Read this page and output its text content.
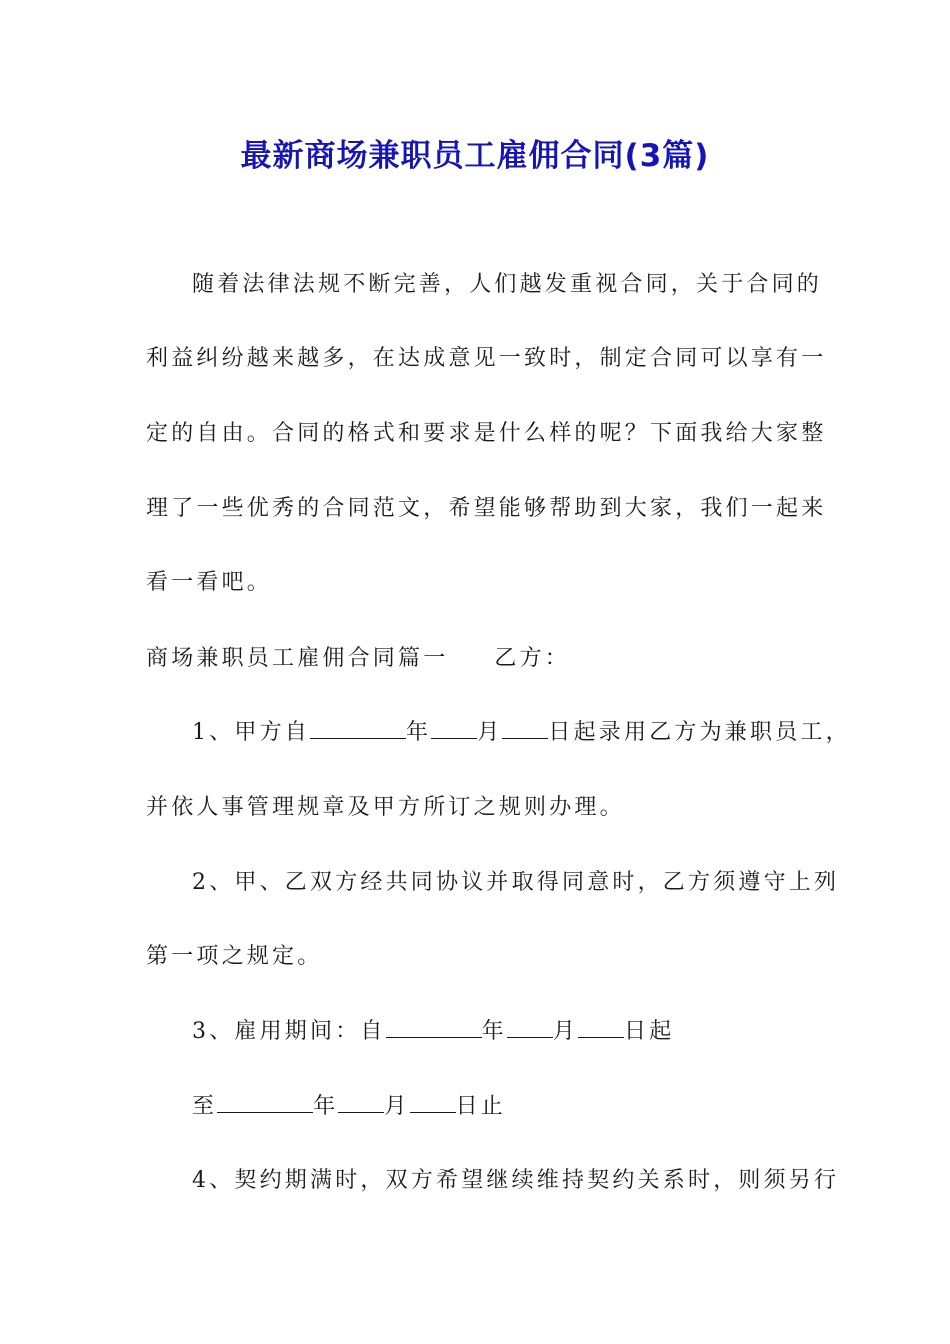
最新商场兼职员工雇佣合同(3篇)
随着法律法规不断完善，人们越发重视合同，关于合同的
利益纠纷越来越多，在达成意见一致时，制定合同可以享有一
定的自由。合同的格式和要求是什么样的呢？下面我给大家整
理了一些优秀的合同范文，希望能够帮助到大家，我们一起来
看一看吧。
商场兼职员工雇佣合同篇一 乙方：
1、甲方自	年 月 日起录用乙方为兼职员工，
并依人事管理规章及甲方所订之规则办理。
2、甲、乙双方经共同协议并取得同意时，乙方须遵守上列
第一项之规定。
3、雇用期间：自	年 月 日起
至	年 月 日止
4、契约期满时，双方希望继续维持契约关系时，则须另行
